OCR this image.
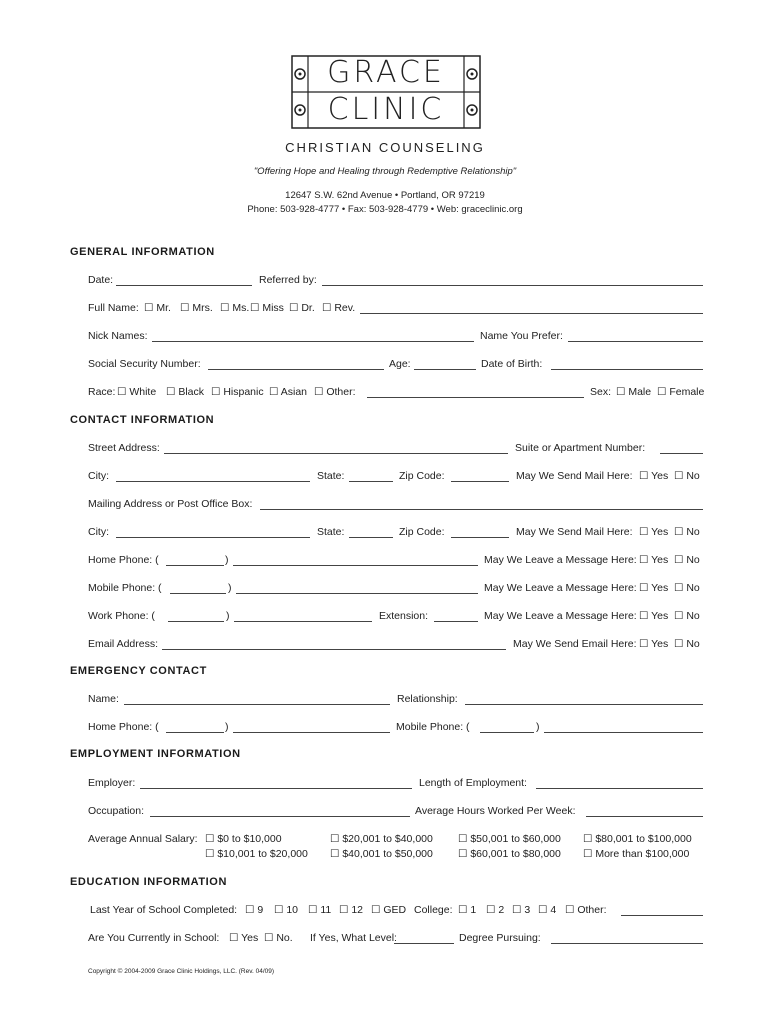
GRACE
CLINIC
CHRISTIAN COUNSELING
"Offering Hope and Healing through Redemptive Relationship"
12647 S.W. 62nd Avenue • Portland, OR 97219
Phone: 503-928-4777 • Fax: 503-928-4779 • Web: graceclinic.org
GENERAL INFORMATION
Date:	Referred by:
Full Name: ☐ Mr. ☐ Mrs. ☐ Ms. ☐ Miss ☐ Dr. ☐ Rev.
Nick Names:	Name You Prefer:
Social Security Number:	Age:	Date of Birth:
Race: ☐ White ☐ Black ☐ Hispanic ☐ Asian ☐ Other:	Sex: ☐ Male ☐ Female
CONTACT INFORMATION
Street Address:	Suite or Apartment Number:
City:	State:	Zip Code:	May We Send Mail Here: ☐ Yes ☐ No
Mailing Address or Post Office Box:
City:	State:	Zip Code:	May We Send Mail Here: ☐ Yes ☐ No
Home Phone: (	)	May We Leave a Message Here: ☐ Yes ☐ No
Mobile Phone: (	)	May We Leave a Message Here: ☐ Yes ☐ No
Work Phone: (	)	Extension:	May We Leave a Message Here: ☐ Yes ☐ No
Email Address:	May We Send Email Here: ☐ Yes ☐ No
EMERGENCY CONTACT
Name:	Relationship:
Home Phone: (	)	Mobile Phone: (	)
EMPLOYMENT INFORMATION
Employer:	Length of Employment:
Occupation:	Average Hours Worked Per Week:
Average Annual Salary: ☐ $0 to $10,000	☐ $20,001 to $40,000 ☐ $50,001 to $60,000 ☐ $80,001 to $100,000
☐ $10,001 to $20,000 ☐ $40,001 to $50,000 ☐ $60,001 to $80,000 ☐ More than $100,000
EDUCATION INFORMATION
Last Year of School Completed: ☐ 9 ☐ 10 ☐ 11 ☐ 12 ☐ GED College: ☐ 1 ☐ 2 ☐ 3 ☐ 4 ☐ Other:
Are You Currently in School: ☐ Yes ☐ No. If Yes, What Level:	Degree Pursuing:
Copyright © 2004-2009 Grace Clinic Holdings, LLC. (Rev. 04/09)
